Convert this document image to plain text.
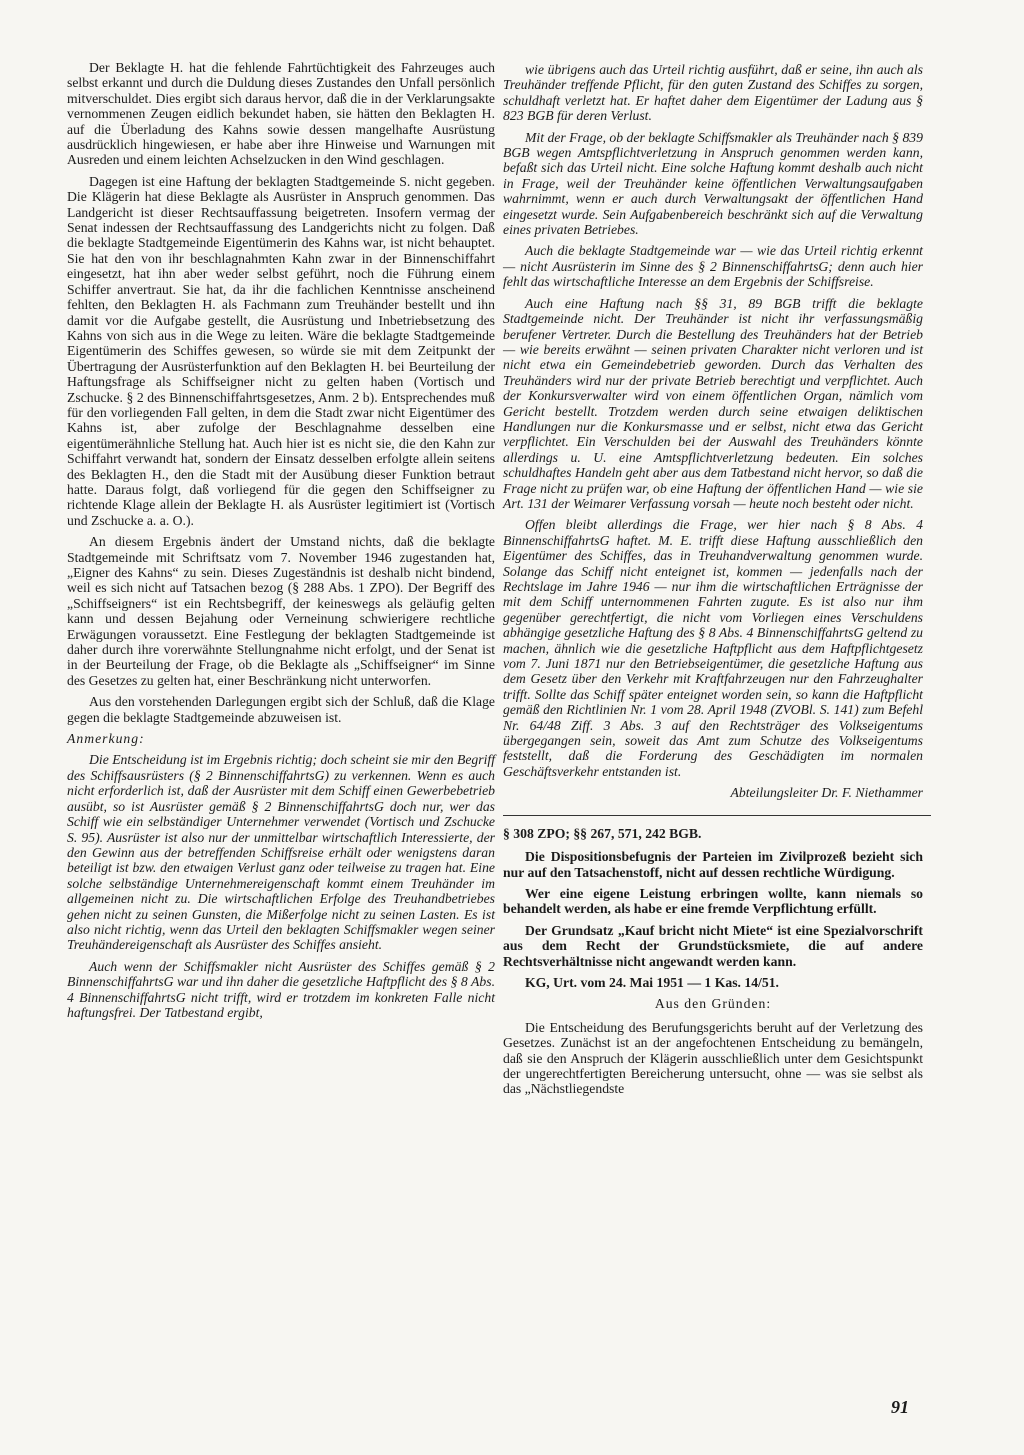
Der Beklagte H. hat die fehlende Fahrtüchtigkeit des Fahrzeuges auch selbst erkannt und durch die Duldung dieses Zustandes den Unfall persönlich mitverschuldet. Dies ergibt sich daraus hervor, daß die in der Verklarungsakte vernommenen Zeugen eidlich bekundet haben, sie hätten den Beklagten H. auf die Überladung des Kahns sowie dessen mangelhafte Ausrüstung ausdrücklich hingewiesen, er habe aber ihre Hinweise und Warnungen mit Ausreden und einem leichten Achselzucken in den Wind geschlagen.

Dagegen ist eine Haftung der beklagten Stadtgemeinde S. nicht gegeben. Die Klägerin hat diese Beklagte als Ausrüster in Anspruch genommen. Das Landgericht ist dieser Rechtsauffassung beigetreten. Insofern vermag der Senat indessen der Rechtsauffassung des Landgerichts nicht zu folgen. Daß die beklagte Stadtgemeinde Eigentümerin des Kahns war, ist nicht behauptet. Sie hat den von ihr beschlagnahmten Kahn zwar in der Binnenschiffahrt eingesetzt, hat ihn aber weder selbst geführt, noch die Führung einem Schiffer anvertraut. Sie hat, da ihr die fachlichen Kenntnisse anscheinend fehlten, den Beklagten H. als Fachmann zum Treuhänder bestellt und ihn damit vor die Aufgabe gestellt, die Ausrüstung und Inbetriebsetzung des Kahns von sich aus in die Wege zu leiten. Wäre die beklagte Stadtgemeinde Eigentümerin des Schiffes gewesen, so würde sie mit dem Zeitpunkt der Übertragung der Ausrüsterfunktion auf den Beklagten H. bei Beurteilung der Haftungsfrage als Schiffseigner nicht zu gelten haben (Vortisch und Zschucke. § 2 des Binnenschiffahrtsgesetzes, Anm. 2 b). Entsprechendes muß für den vorliegenden Fall gelten, in dem die Stadt zwar nicht Eigentümer des Kahns ist, aber zufolge der Beschlagnahme desselben eine eigentümerähnliche Stellung hat. Auch hier ist es nicht sie, die den Kahn zur Schiffahrt verwandt hat, sondern der Einsatz desselben erfolgte allein seitens des Beklagten H., den die Stadt mit der Ausübung dieser Funktion betraut hatte. Daraus folgt, daß vorliegend für die gegen den Schiffseigner zu richtende Klage allein der Beklagte H. als Ausrüster legitimiert ist (Vortisch und Zschucke a. a. O.).

An diesem Ergebnis ändert der Umstand nichts, daß die beklagte Stadtgemeinde mit Schriftsatz vom 7. November 1946 zugestanden hat, „Eigner des Kahns“ zu sein. Dieses Zugeständnis ist deshalb nicht bindend, weil es sich nicht auf Tatsachen bezog (§ 288 Abs. 1 ZPO). Der Begriff des „Schiffseigners“ ist ein Rechtsbegriff, der keineswegs als geläufig gelten kann und dessen Bejahung oder Verneinung schwierigere rechtliche Erwägungen voraussetzt. Eine Festlegung der beklagten Stadtgemeinde ist daher durch ihre vorerwähnte Stellungnahme nicht erfolgt, und der Senat ist in der Beurteilung der Frage, ob die Beklagte als „Schiffseigner“ im Sinne des Gesetzes zu gelten hat, einer Beschränkung nicht unterworfen.

Aus den vorstehenden Darlegungen ergibt sich der Schluß, daß die Klage gegen die beklagte Stadtgemeinde abzuweisen ist.

Anmerkung:

Die Entscheidung ist im Ergebnis richtig; doch scheint sie mir den Begriff des Schiffsausrüsters (§ 2 BinnenschiffahrtsG) zu verkennen. Wenn es auch nicht erforderlich ist, daß der Ausrüster mit dem Schiff einen Gewerbebetrieb ausübt, so ist Ausrüster gemäß § 2 BinnenschiffahrtsG doch nur, wer das Schiff wie ein selbständiger Unternehmer verwendet (Vortisch und Zschucke S. 95). Ausrüster ist also nur der unmittelbar wirtschaftlich Interessierte, der den Gewinn aus der betreffenden Schiffsreise erhält oder wenigstens daran beteiligt ist bzw. den etwaigen Verlust ganz oder teilweise zu tragen hat. Eine solche selbständige Unternehmereigenschaft kommt einem Treuhänder im allgemeinen nicht zu. Die wirtschaftlichen Erfolge des Treuhandbetriebes gehen nicht zu seinen Gunsten, die Mißerfolge nicht zu seinen Lasten. Es ist also nicht richtig, wenn das Urteil den beklagten Schiffsmakler wegen seiner Treuhändereigenschaft als Ausrüster des Schiffes ansieht.

Auch wenn der Schiffsmakler nicht Ausrüster des Schiffes gemäß § 2 BinnenschiffahrtsG war und ihn daher die gesetzliche Haftpflicht des § 8 Abs. 4 BinnenschiffahrtsG nicht trifft, wird er trotzdem im konkreten Falle nicht haftungsfrei. Der Tatbestand ergibt,

wie übrigens auch das Urteil richtig ausführt, daß er seine, ihn auch als Treuhänder treffende Pflicht, für den guten Zustand des Schiffes zu sorgen, schuldhaft verletzt hat. Er haftet daher dem Eigentümer der Ladung aus § 823 BGB für deren Verlust.

Mit der Frage, ob der beklagte Schiffsmakler als Treuhänder nach § 839 BGB wegen Amtspflichtverletzung in Anspruch genommen werden kann, befaßt sich das Urteil nicht. Eine solche Haftung kommt deshalb auch nicht in Frage, weil der Treuhänder keine öffentlichen Verwaltungsaufgaben wahrnimmt, wenn er auch durch Verwaltungsakt der öffentlichen Hand eingesetzt wurde. Sein Aufgabenbereich beschränkt sich auf die Verwaltung eines privaten Betriebes.

Auch die beklagte Stadtgemeinde war — wie das Urteil richtig erkennt — nicht Ausrüsterin im Sinne des § 2 BinnenschiffahrtsG; denn auch hier fehlt das wirtschaftliche Interesse an dem Ergebnis der Schiffsreise.

Auch eine Haftung nach §§ 31, 89 BGB trifft die beklagte Stadtgemeinde nicht. Der Treuhänder ist nicht ihr verfassungsmäßig berufener Vertreter. Durch die Bestellung des Treuhänders hat der Betrieb — wie bereits erwähnt — seinen privaten Charakter nicht verloren und ist nicht etwa ein Gemeindebetrieb geworden. Durch das Verhalten des Treuhänders wird nur der private Betrieb berechtigt und verpflichtet. Auch der Konkursverwalter wird von einem öffentlichen Organ, nämlich vom Gericht bestellt. Trotzdem werden durch seine etwaigen deliktischen Handlungen nur die Konkursmasse und er selbst, nicht etwa das Gericht verpflichtet. Ein Verschulden bei der Auswahl des Treuhänders könnte allerdings u. U. eine Amtspflichtverletzung bedeuten. Ein solches schuldhaftes Handeln geht aber aus dem Tatbestand nicht hervor, so daß die Frage nicht zu prüfen war, ob eine Haftung der öffentlichen Hand — wie sie Art. 131 der Weimarer Verfassung vorsah — heute noch besteht oder nicht.

Offen bleibt allerdings die Frage, wer hier nach § 8 Abs. 4 BinnenschiffahrtsG haftet. M. E. trifft diese Haftung ausschließlich den Eigentümer des Schiffes, das in Treuhandverwaltung genommen wurde. Solange das Schiff nicht enteignet ist, kommen — jedenfalls nach der Rechtslage im Jahre 1946 — nur ihm die wirtschaftlichen Erträgnisse der mit dem Schiff unternommenen Fahrten zugute. Es ist also nur ihm gegenüber gerechtfertigt, die nicht vom Vorliegen eines Verschuldens abhängige gesetzliche Haftung des § 8 Abs. 4 BinnenschiffahrtsG geltend zu machen, ähnlich wie die gesetzliche Haftpflicht aus dem Haftpflichtgesetz vom 7. Juni 1871 nur den Betriebseigentümer, die gesetzliche Haftung aus dem Gesetz über den Verkehr mit Kraftfahrzeugen nur den Fahrzeughalter trifft. Sollte das Schiff später enteignet worden sein, so kann die Haftpflicht gemäß den Richtlinien Nr. 1 vom 28. April 1948 (ZVOBl. S. 141) zum Befehl Nr. 64/48 Ziff. 3 Abs. 3 auf den Rechtsträger des Volkseigentums übergegangen sein, soweit das Amt zum Schutze des Volkseigentums feststellt, daß die Forderung des Geschädigten im normalen Geschäftsverkehr entstanden ist.

Abteilungsleiter Dr. F. Niethammer

§ 308 ZPO; §§ 267, 571, 242 BGB.

Die Dispositionsbefugnis der Parteien im Zivilprozeß bezieht sich nur auf den Tatsachenstoff, nicht auf dessen rechtliche Würdigung.

Wer eine eigene Leistung erbringen wollte, kann niemals so behandelt werden, als habe er eine fremde Verpflichtung erfüllt.

Der Grundsatz „Kauf bricht nicht Miete“ ist eine Spezialvorschrift aus dem Recht der Grundstücksmiete, die auf andere Rechtsverhältnisse nicht angewandt werden kann.

KG, Urt. vom 24. Mai 1951 — 1 Kas. 14/51.

Aus den Gründen:

Die Entscheidung des Berufungsgerichts beruht auf der Verletzung des Gesetzes. Zunächst ist an der angefochtenen Entscheidung zu bemängeln, daß sie den Anspruch der Klägerin ausschließlich unter dem Gesichtspunkt der ungerechtfertigten Bereicherung untersucht, ohne — was sie selbst als das „Nächstliegendste

91
